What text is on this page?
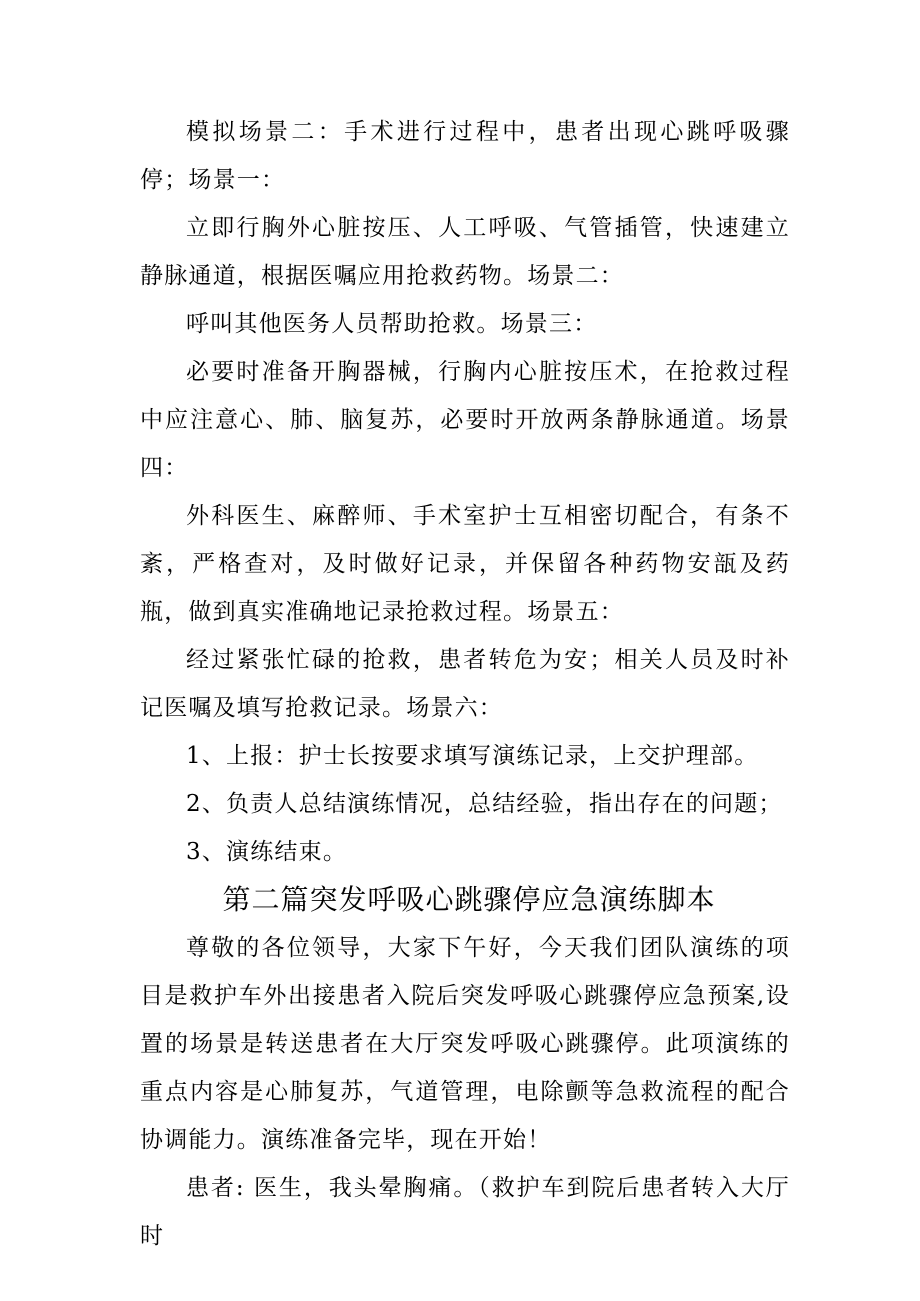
模拟场景二：手术进行过程中，患者出现心跳呼吸骤停；场景一：

立即行胸外心脏按压、人工呼吸、气管插管，快速建立静脉通道，根据医嘱应用抢救药物。场景二：

呼叫其他医务人员帮助抢救。场景三：

必要时准备开胸器械，行胸内心脏按压术，在抢救过程中应注意心、肺、脑复苏，必要时开放两条静脉通道。场景四：

外科医生、麻醉师、手术室护士互相密切配合，有条不紊，严格查对，及时做好记录，并保留各种药物安瓿及药瓶，做到真实准确地记录抢救过程。场景五：

经过紧张忙碌的抢救，患者转危为安；相关人员及时补记医嘱及填写抢救记录。场景六：

1、上报：护士长按要求填写演练记录，上交护理部。

2、负责人总结演练情况，总结经验，指出存在的问题；

3、演练结束。

第二篇突发呼吸心跳骤停应急演练脚本

尊敬的各位领导，大家下午好，今天我们团队演练的项目是救护车外出接患者入院后突发呼吸心跳骤停应急预案,设置的场景是转送患者在大厅突发呼吸心跳骤停。此项演练的重点内容是心肺复苏，气道管理，电除颤等急救流程的配合协调能力。演练准备完毕，现在开始！

患者: 医生，我头晕胸痛。（救护车到院后患者转入大厅时
